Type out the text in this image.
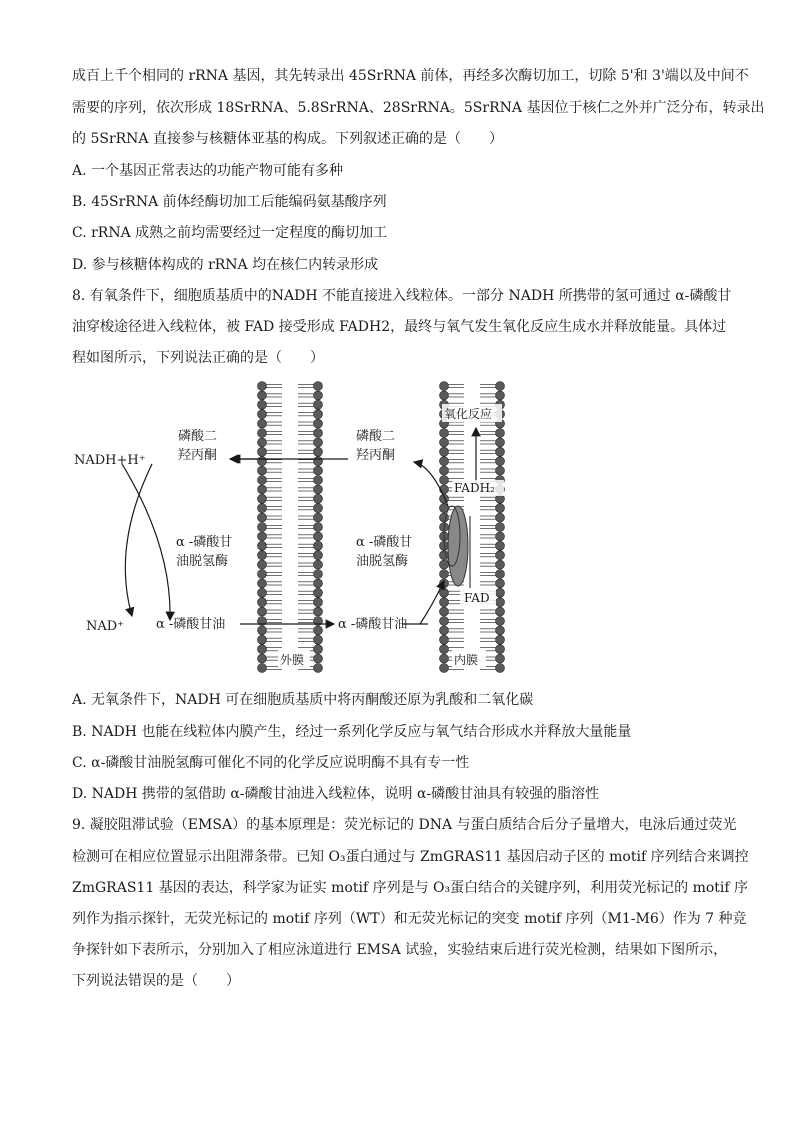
成百上千个相同的 rRNA 基因，其先转录出 45SrRNA 前体，再经多次酶切加工，切除 5'和 3'端以及中间不
需要的序列，依次形成 18SrRNA、5.8SrRNA、28SrRNA。5SrRNA 基因位于核仁之外并广泛分布，转录出
的 5SrRNA 直接参与核糖体亚基的构成。下列叙述正确的是（　　）
A. 一个基因正常表达的功能产物可能有多种
B. 45SrRNA 前体经酶切加工后能编码氨基酸序列
C. rRNA 成熟之前均需要经过一定程度的酶切加工
D. 参与核糖体构成的 rRNA 均在核仁内转录形成
8. 有氧条件下，细胞质基质中的NADH 不能直接进入线粒体。一部分 NADH 所携带的氢可通过 α-磷酸甘
油穿梭途径进入线粒体，被 FAD 接受形成 FADH2，最终与氧气发生氧化反应生成水并释放能量。具体过
程如图所示，下列说法正确的是（　　）
NADH+H⁺
NAD⁺
磷酸二
羟丙酮
α -磷酸甘
油脱氢酶
α -磷酸甘油
磷酸二
羟丙酮
α -磷酸甘
油脱氢酶
α -磷酸甘油
外膜	内膜
氧化反应
FADH₂
FAD
A. 无氧条件下，NADH 可在细胞质基质中将丙酮酸还原为乳酸和二氧化碳
B. NADH 也能在线粒体内膜产生，经过一系列化学反应与氧气结合形成水并释放大量能量
C. α-磷酸甘油脱氢酶可催化不同的化学反应说明酶不具有专一性
D. NADH 携带的氢借助 α-磷酸甘油进入线粒体，说明 α-磷酸甘油具有较强的脂溶性
9. 凝胶阻滞试验（EMSA）的基本原理是：荧光标记的 DNA 与蛋白质结合后分子量增大，电泳后通过荧光
检测可在相应位置显示出阻滞条带。已知 O₃蛋白通过与 ZmGRAS11 基因启动子区的 motif 序列结合来调控
ZmGRAS11 基因的表达，科学家为证实 motif 序列是与 O₃蛋白结合的关键序列，利用荧光标记的 motif 序
列作为指示探针，无荧光标记的 motif 序列（WT）和无荧光标记的突变 motif 序列（M1-M6）作为 7 种竞
争探针如下表所示，分别加入了相应泳道进行 EMSA 试验，实验结束后进行荧光检测，结果如下图所示，
下列说法错误的是（　　）
